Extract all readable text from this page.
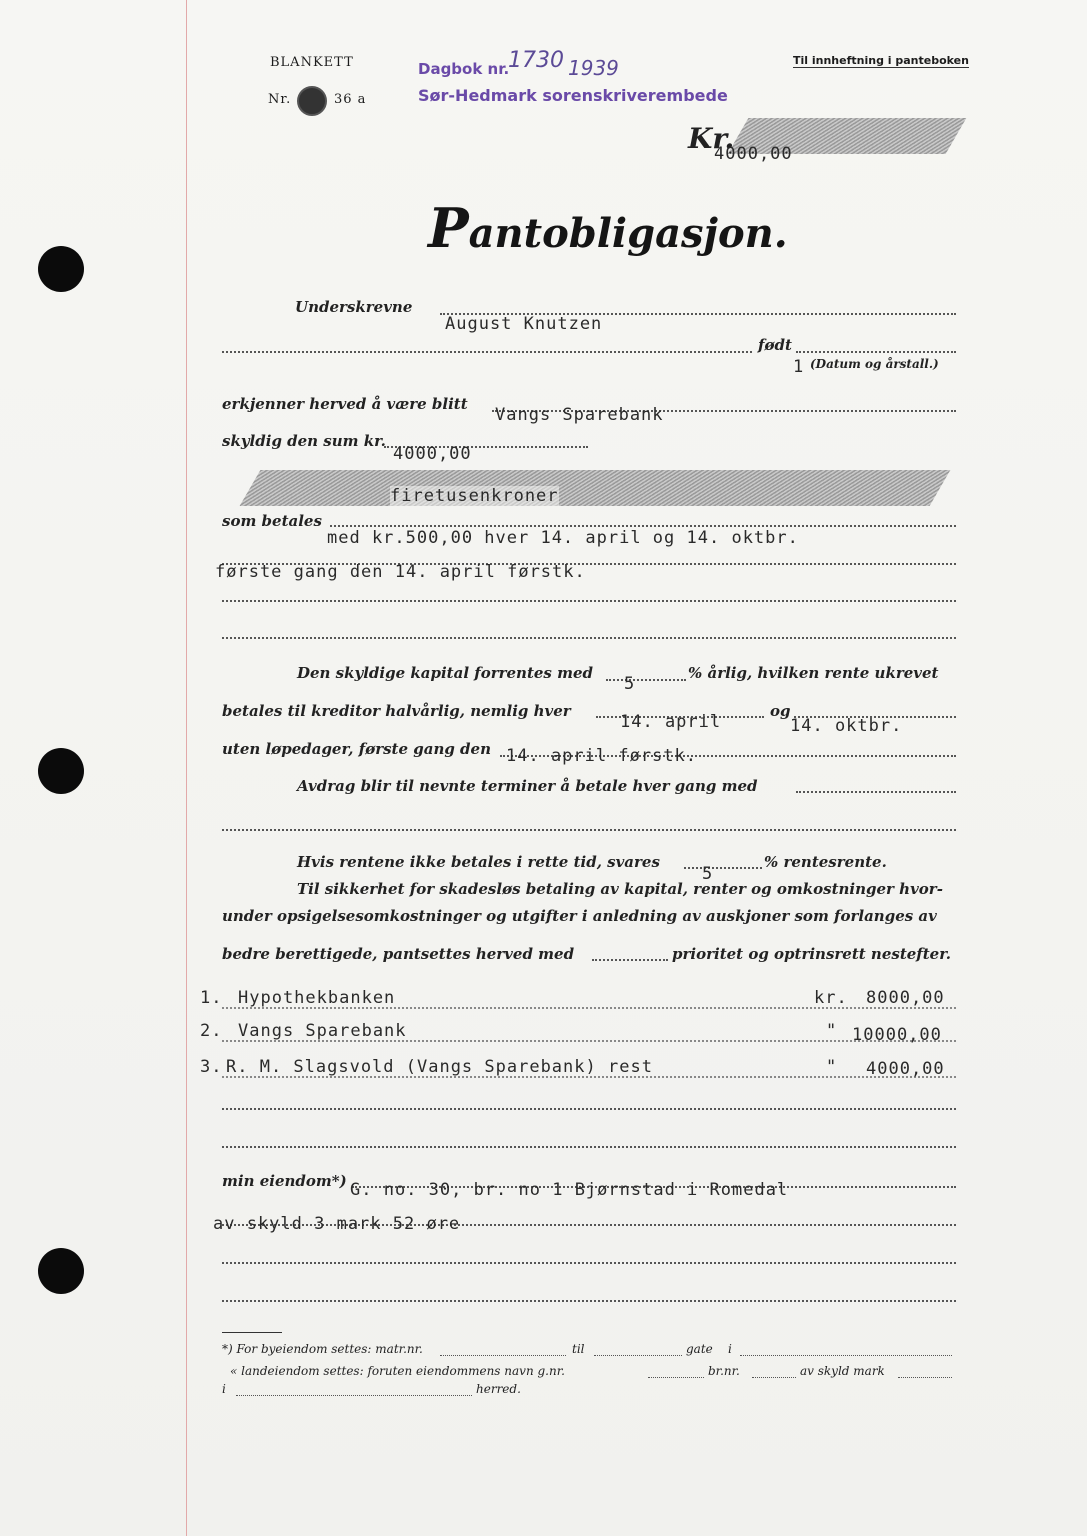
BLANKETT
Nr.	36 a
Dagbok nr.
1730 1939
Sør-Hedmark sorenskriverembede
Til innheftning i panteboken
Kr.
4000,00
Pantobligasjon.
Underskrevne
August Knutzen
født
1 (Datum og årstall.)
erkjenner herved å være blitt
Vangs Sparebank
skyldig den sum kr.
4000,00
firetusenkroner
som betales
med kr.500,00 hver 14. april og 14. oktbr.
første gang den 14. april førstk.
Den skyldige kapital forrentes med
5
% årlig, hvilken rente ukrevet
betales til kreditor halvårlig, nemlig hver
14. april
og
14. oktbr.
uten løpedager, første gang den 14. april førstk.
Avdrag blir til nevnte terminer å betale hver gang med
Hvis rentene ikke betales i rette tid, svares
5
% rentesrente.
Til sikkerhet for skadesløs betaling av kapital, renter og omkostninger hvor-
under opsigelsesomkostninger og utgifter i anledning av auskjoner som forlanges av
bedre berettigede, pantsettes herved med	prioritet og optrinsrett nestefter.
1. Hypothekbanken	kr. 8000,00
2. Vangs Sparebank	" 10000,00
3. R. M. Slagsvold (Vangs Sparebank) rest	" 4000,00
min eiendom*) G. no. 30, br. no 1 Bjørnstad i Romedal
av skyld 3 mark 52 øre
*) For byeiendom settes: matr.nr.	til	gate i
« landeiendom settes: foruten eiendommens navn g.nr.	br.nr.	av skyld mark
i	herred.
